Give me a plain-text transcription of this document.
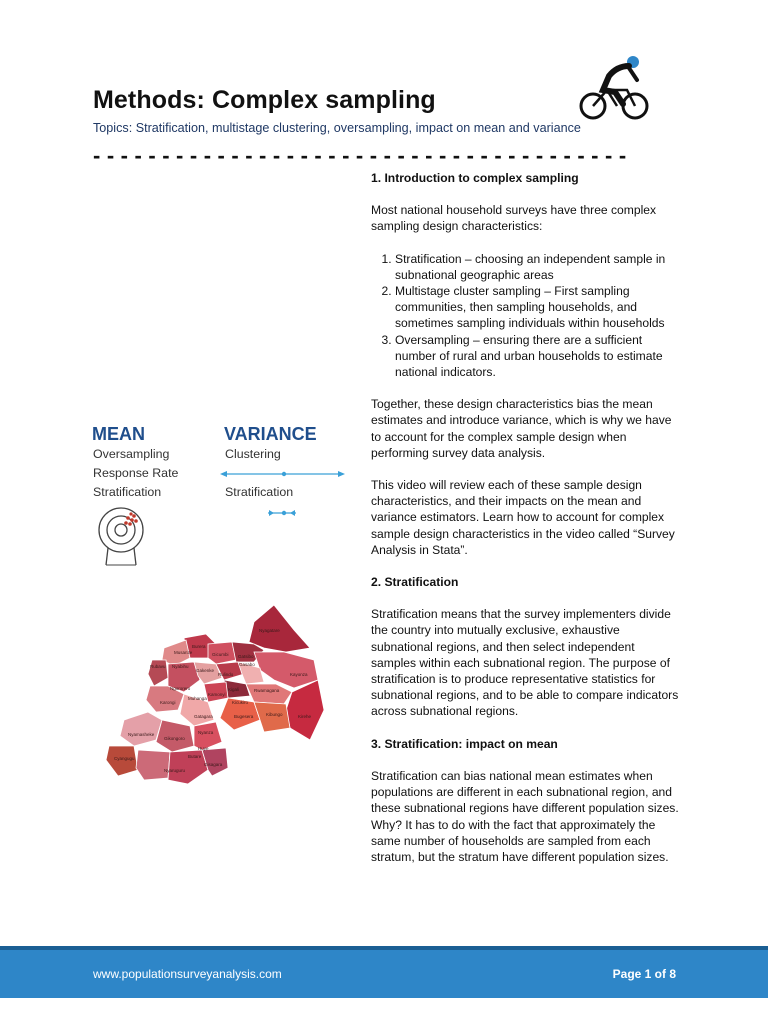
Methods: Complex sampling

Topics: Stratification, multistage clustering, oversampling, impact on mean and variance

- - - - - - - - - - - - - - - - - - - - - - - - - - - - - - - - - - - - - - -
MEAN
Oversampling
Response Rate
Stratification
VARIANCE
Clustering
Stratification
Nyagatare
Burera
Musanze	Gicumbi
Rubavu Nyabihu
Gakenke
Rulindo
Gasabo
Ngororero	Kigali
Gatsibo
Kayonza
Muhanga
Kamonyi
Bugesera
Rwamagana
Kicukiro
Karongi
Gatagara	Kirehe
Kibungo
Nyamasheke	Nyanza
Gikongoro
Huye
Butare
Cyangugu
Nyaruguru
Gisagara
1. Introduction to complex sampling

Most national household surveys have three complex sampling design characteristics:

1. Stratification – choosing an independent sample in subnational geographic areas
2. Multistage cluster sampling – First sampling communities, then sampling households, and sometimes sampling individuals within households
3. Oversampling – ensuring there are a sufficient number of rural and urban households to estimate national indicators.

Together, these design characteristics bias the mean estimates and introduce variance, which is why we have to account for the complex sample design when performing survey data analysis.

This video will review each of these sample design characteristics, and their impacts on the mean and variance estimators. Learn how to account for complex sample design characteristics in the video called “Survey Analysis in Stata”.

2. Stratification

Stratification means that the survey implementers divide the country into mutually exclusive, exhaustive subnational regions, and then select independent samples within each subnational region. The purpose of stratification is to produce representative statistics for subnational regions, and to be able to compare indicators across subnational regions.

3. Stratification: impact on mean

Stratification can bias national mean estimates when populations are different in each subnational region, and these subnational regions have different population sizes. Why? It has to do with the fact that approximately the same number of households are sampled from each stratum, but the stratum have different population sizes.

www.populationsurveyanalysis.com	Page 1 of 8
